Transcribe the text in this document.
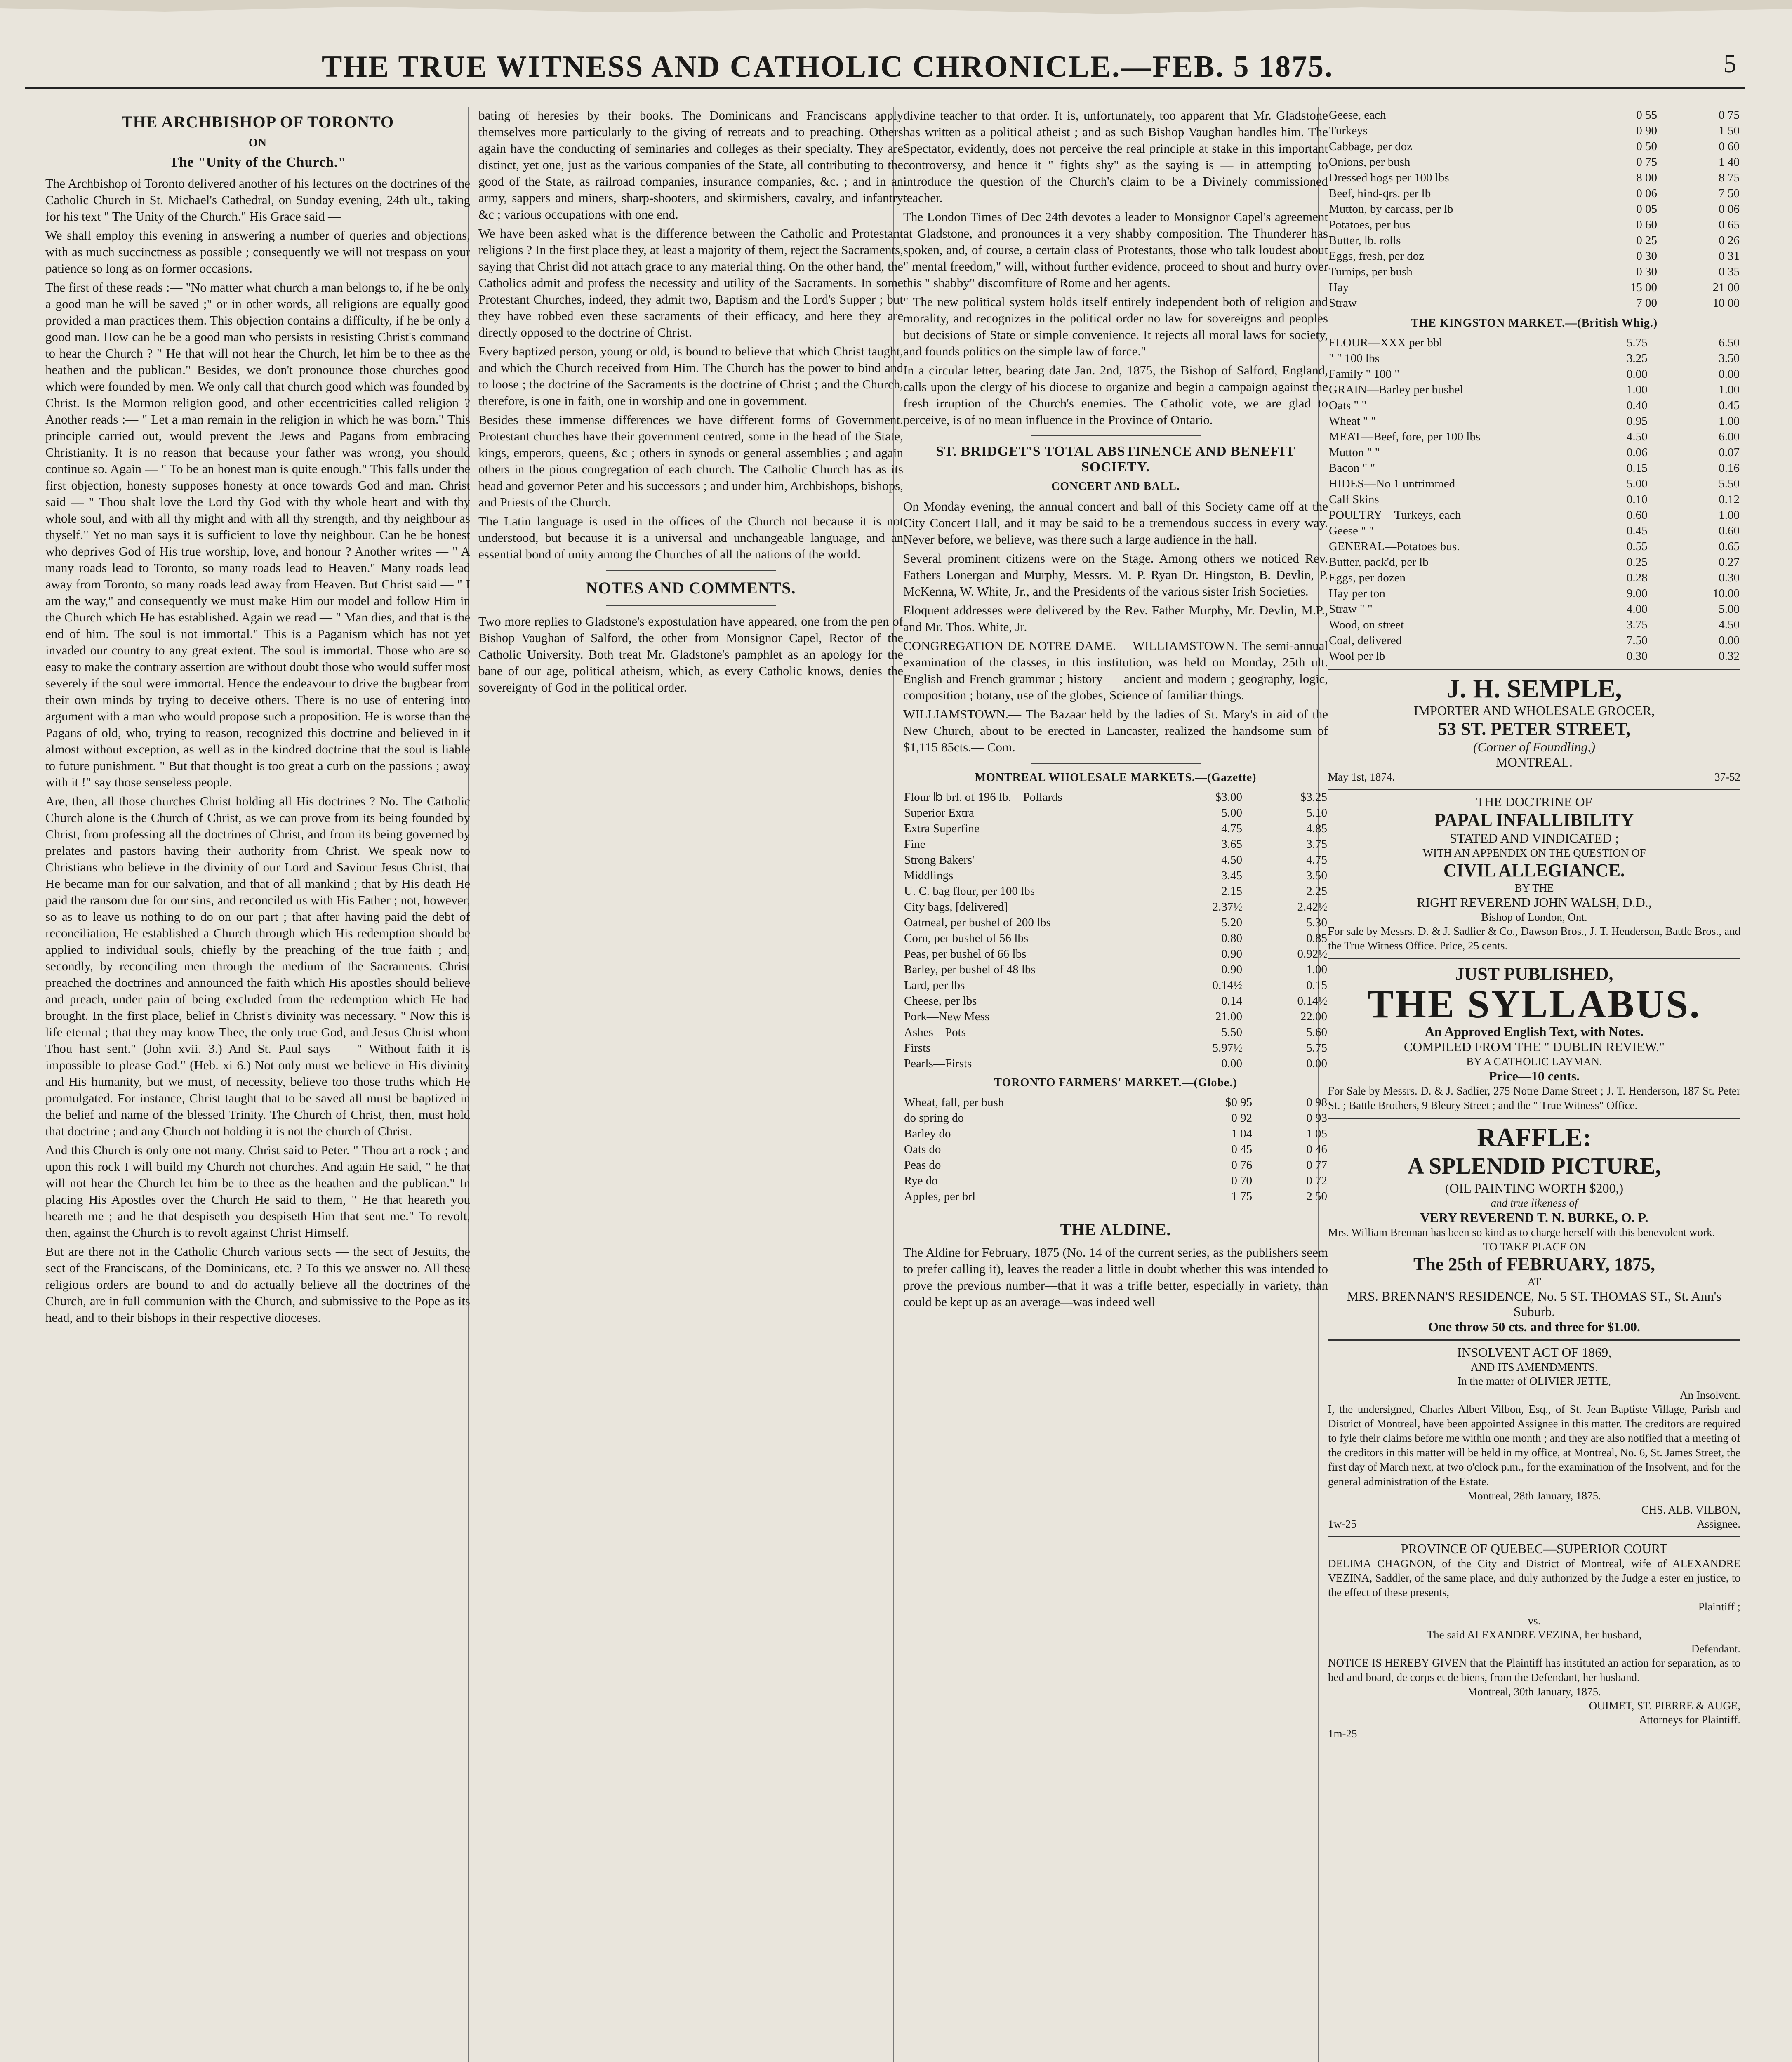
THE TRUE WITNESS AND CATHOLIC CHRONICLE.—FEB. 5 1875.	5
THE ARCHBISHOP OF TORONTO
ON
The "Unity of the Church."

The Archbishop of Toronto delivered another of his lectures on the doctrines of the Catholic Church in St. Michael's Cathedral, on Sunday evening, 24th ult., taking for his text " The Unity of the Church." His Grace said —

We shall employ this evening in answering a number of queries and objections, with as much succinctness as possible ; consequently we will not trespass on your patience so long as on former occasions.

The first of these reads :— "No matter what church a man belongs to, if he be only a good man he will be saved ;" or in other words, all religions are equally good provided a man practices them. This objection contains a difficulty, if he be only a good man. How can he be a good man who persists in resisting Christ's command to hear the Church ? " He that will not hear the Church, let him be to thee as the heathen and the publican." Besides, we don't pronounce those churches good which were founded by men. We only call that church good which was founded by Christ. Is the Mormon religion good, and other eccentricities called religion ? Another reads :— " Let a man remain in the religion in which he was born." This principle carried out, would prevent the Jews and Pagans from embracing Christianity. It is no reason that because your father was wrong, you should continue so. Again — " To be an honest man is quite enough." This falls under the first objection, honesty supposes honesty at once towards God and man. Christ said — " Thou shalt love the Lord thy God with thy whole heart and with thy whole soul, and with all thy might and with all thy strength, and thy neighbour as thyself." Yet no man says it is sufficient to love thy neighbour. Can he be honest who deprives God of His true worship, love, and honour ? Another writes — " A many roads lead to Toronto, so many roads lead to Heaven." Many roads lead away from Toronto, so many roads lead away from Heaven. But Christ said — " I am the way," and consequently we must make Him our model and follow Him in the Church which He has established. Again we read — " Man dies, and that is the end of him. The soul is not immortal." This is a Paganism which has not yet invaded our country to any great extent. The soul is immortal. Those who are so easy to make the contrary assertion are without doubt those who would suffer most severely if the soul were immortal. Hence the endeavour to drive the bugbear from their own minds by trying to deceive others. There is no use of entering into argument with a man who would propose such a proposition. He is worse than the Pagans of old, who, trying to reason, recognized this doctrine and believed in it almost without exception, as well as in the kindred doctrine that the soul is liable to future punishment. " But that thought is too great a curb on the passions ; away with it !" say those senseless people.

Are, then, all those churches Christ holding all His doctrines ? No. The Catholic Church alone is the Church of Christ, as we can prove from its being founded by Christ, from professing all the doctrines of Christ, and from its being governed by prelates and pastors having their authority from Christ. We speak now to Christians who believe in the divinity of our Lord and Saviour Jesus Christ, that He became man for our salvation, and that of all mankind ; that by His death He paid the ransom due for our sins, and reconciled us with His Father ; not, however, so as to leave us nothing to do on our part ; that after having paid the debt of reconciliation, He established a Church through which His redemption should be applied to individual souls, chiefly by the preaching of the true faith ; and, secondly, by reconciling men through the medium of the Sacraments. Christ preached the doctrines and announced the faith which His apostles should believe and preach, under pain of being excluded from the redemption which He had brought. In the first place, belief in Christ's divinity was necessary. " Now this is life eternal ; that they may know Thee, the only true God, and Jesus Christ whom Thou hast sent." (John xvii. 3.) And St. Paul says — " Without faith it is impossible to please God." (Heb. xi 6.) Not only must we believe in His divinity and His humanity, but we must, of necessity, believe too those truths which He promulgated. For instance, Christ taught that to be saved all must be baptized in the belief and name of the blessed Trinity. The Church of Christ, then, must hold that doctrine ; and any Church not holding it is not the church of Christ.

And this Church is only one not many. Christ said to Peter. " Thou art a rock ; and upon this rock I will build my Church not churches. And again He said, " he that will not hear the Church let him be to thee as the heathen and the publican." In placing His Apostles over the Church He said to them, " He that heareth you heareth me ; and he that despiseth you despiseth Him that sent me." To revolt, then, against the Church is to revolt against Christ Himself.

But are there not in the Catholic Church various sects — the sect of Jesuits, the sect of the Franciscans, of the Dominicans, etc. ? To this we answer no. All these religious orders are bound to and do actually believe all the doctrines of the Church, are in full communion with the Church, and submissive to the Pope as its head, and to their bishops in their respective dioceses.

bating of heresies by their books. The Dominicans and Franciscans apply themselves more particularly to the giving of retreats and to preaching. Others again have the conducting of seminaries and colleges as their specialty. They are distinct, yet one, just as the various companies of the State, all contributing to the good of the State, as railroad companies, insurance companies, &c. ; and in an army, sappers and miners, sharp-shooters, and skirmishers, cavalry, and infantry &c ; various occupations with one end.

We have been asked what is the difference between the Catholic and Protestant religions ? In the first place they, at least a majority of them, reject the Sacraments, saying that Christ did not attach grace to any material thing. On the other hand, the Catholics admit and profess the necessity and utility of the Sacraments. In some Protestant Churches, indeed, they admit two, Baptism and the Lord's Supper ; but they have robbed even these sacraments of their efficacy, and here they are directly opposed to the doctrine of Christ.

Every baptized person, young or old, is bound to believe that which Christ taught, and which the Church received from Him. The Church has the power to bind and to loose ; the doctrine of the Sacraments is the doctrine of Christ ; and the Church, therefore, is one in faith, one in worship and one in government.

Besides these immense differences we have different forms of Government. Protestant churches have their government centred, some in the head of the State, kings, emperors, queens, &c ; others in synods or general assemblies ; and again others in the pious congregation of each church. The Catholic Church has as its head and governor Peter and his successors ; and under him, Archbishops, bishops, and Priests of the Church.

The Latin language is used in the offices of the Church not because it is not understood, but because it is a universal and unchangeable language, and an essential bond of unity among the Churches of all the nations of the world.

NOTES AND COMMENTS.

Two more replies to Gladstone's expostulation have appeared, one from the pen of Bishop Vaughan of Salford, the other from Monsignor Capel, Rector of the Catholic University. Both treat Mr. Gladstone's pamphlet as an apology for the bane of our age, political atheism, which, as every Catholic knows, denies the sovereignty of God in the political order.

divine teacher to that order. It is, unfortunately, too apparent that Mr. Gladstone has written as a political atheist ; and as such Bishop Vaughan handles him. The Spectator, evidently, does not perceive the real principle at stake in this important controversy, and hence it " fights shy" as the saying is — in attempting to introduce the question of the Church's claim to be a Divinely commissioned teacher.

The London Times of Dec 24th devotes a leader to Monsignor Capel's agreement at Gladstone, and pronounces it a very shabby composition. The Thunderer has spoken, and, of course, a certain class of Protestants, those who talk loudest about " mental freedom," will, without further evidence, proceed to shout and hurry over this " shabby" discomfiture of Rome and her agents.

" The new political system holds itself entirely independent both of religion and morality, and recognizes in the political order no law for sovereigns and peoples but decisions of State or simple convenience. It rejects all moral laws for society, and founds politics on the simple law of force."

In a circular letter, bearing date Jan. 2nd, 1875, the Bishop of Salford, England, calls upon the clergy of his diocese to organize and begin a campaign against the fresh irruption of the Church's enemies. The Catholic vote, we are glad to perceive, is of no mean influence in the Province of Ontario.

ST. BRIDGET'S TOTAL ABSTINENCE AND BENEFIT SOCIETY.
CONCERT AND BALL.

On Monday evening, the annual concert and ball of this Society came off at the City Concert Hall, and it may be said to be a tremendous success in every way. Never before, we believe, was there such a large audience in the hall.

Several prominent citizens were on the Stage. Among others we noticed Rev. Fathers Lonergan and Murphy, Messrs. M. P. Ryan Dr. Hingston, B. Devlin, P. McKenna, W. White, Jr., and the Presidents of the various sister Irish Societies.

Eloquent addresses were delivered by the Rev. Father Murphy, Mr. Devlin, M.P., and Mr. Thos. White, Jr.

CONGREGATION DE NOTRE DAME.— WILLIAMSTOWN. The semi-annual examination of the classes, in this institution, was held on Monday, 25th ult. English and French grammar ; history — ancient and modern ; geography, logic, composition ; botany, use of the globes, Science of familiar things.

WILLIAMSTOWN.— The Bazaar held by the ladies of St. Mary's in aid of the New Church, about to be erected in Lancaster, realized the handsome sum of $1,115 85cts.— Com.

MONTREAL WHOLESALE MARKETS.—(Gazette)
Flour ℔ brl. of 196 lb.—Pollards	$3.00	$3.25
Superior Extra	5.00	5.10
Extra Superfine	4.75	4.85
Fine	3.65	3.75
Strong Bakers'	4.50	4.75
Middlings	3.45	3.50
U. C. bag flour, per 100 lbs	2.15	2.25
City bags, [delivered]	2.37½	2.42½
Oatmeal, per bushel of 200 lbs	5.20	5.30
Corn, per bushel of 56 lbs	0.80	0.85
Peas, per bushel of 66 lbs	0.90	0.92½
Barley, per bushel of 48 lbs	0.90	1.00
Lard, per lbs	0.14½	0.15
Cheese, per lbs	0.14	0.14½
Pork—New Mess	21.00	22.00
Ashes—Pots	5.50	5.60
Firsts	5.97½	5.75
Pearls—Firsts	0.00	0.00
TORONTO FARMERS' MARKET.—(Globe.)
Wheat, fall, per bush	$0 95	0 98
do spring do	0 92	0 93
Barley do	1 04	1 05
Oats do	0 45	0 46
Peas do	0 76	0 77
Rye do	0 70	0 72
Apples, per brl	1 75	2 50
THE ALDINE.

The Aldine for February, 1875 (No. 14 of the current series, as the publishers seem to prefer calling it), leaves the reader a little in doubt whether this was intended to prove the previous number—that it was a trifle better, especially in variety, than could be kept up as an average—was indeed well

Geese, each	0 55	0 75
Turkeys	0 90	1 50
Cabbage, per doz	0 50	0 60
Onions, per bush	0 75	1 40
Dressed hogs per 100 lbs	8 00	8 75
Beef, hind-qrs. per lb	0 06	7 50
Mutton, by carcass, per lb	0 05	0 06
Potatoes, per bus	0 60	0 65
Butter, lb. rolls	0 25	0 26
Eggs, fresh, per doz	0 30	0 31
Turnips, per bush	0 30	0 35
Hay	15 00	21 00
Straw	7 00	10 00
THE KINGSTON MARKET.—(British Whig.)
FLOUR—XXX per bbl	5.75	6.50
" " 100 lbs	3.25	3.50
Family " 100 "	0.00	0.00
GRAIN—Barley per bushel	1.00	1.00
Oats " "	0.40	0.45
Wheat " "	0.95	1.00
MEAT—Beef, fore, per 100 lbs	4.50	6.00
Mutton " "	0.06	0.07
Bacon " "	0.15	0.16
HIDES—No 1 untrimmed	5.00	5.50
Calf Skins	0.10	0.12
POULTRY—Turkeys, each	0.60	1.00
Geese " "	0.45	0.60
GENERAL—Potatoes bus.	0.55	0.65
Butter, pack'd, per lb	0.25	0.27
Eggs, per dozen	0.28	0.30
Hay per ton	9.00	10.00
Straw " "	4.00	5.00
Wood, on street	3.75	4.50
Coal, delivered	7.50	0.00
Wool per lb	0.30	0.32
J. H. SEMPLE,
IMPORTER AND WHOLESALE GROCER,
53 ST. PETER STREET,
(Corner of Foundling,)
MONTREAL.
May 1st, 1874.	37-52
THE DOCTRINE OF
PAPAL INFALLIBILITY
STATED AND VINDICATED ;
WITH AN APPENDIX ON THE QUESTION OF
CIVIL ALLEGIANCE.
BY THE
RIGHT REVEREND JOHN WALSH, D.D.,
Bishop of London, Ont.
For sale by Messrs. D. & J. Sadlier & Co., Dawson Bros., J. T. Henderson, Battle Bros., and the True Witness Office. Price, 25 cents.
JUST PUBLISHED,
THE SYLLABUS.
An Approved English Text, with Notes.
COMPILED FROM THE " DUBLIN REVIEW."
BY A CATHOLIC LAYMAN.
Price—10 cents.
For Sale by Messrs. D. & J. Sadlier, 275 Notre Dame Street ; J. T. Henderson, 187 St. Peter St. ; Battle Brothers, 9 Bleury Street ; and the " True Witness" Office.
RAFFLE:
A SPLENDID PICTURE,
(OIL PAINTING WORTH $200,)
and true likeness of
VERY REVEREND T. N. BURKE, O. P.
Mrs. William Brennan has been so kind as to charge herself with this benevolent work.
TO TAKE PLACE ON
The 25th of FEBRUARY, 1875,
AT
MRS. BRENNAN'S RESIDENCE, No. 5 ST. THOMAS ST., St. Ann's Suburb.
One throw 50 cts. and three for $1.00.
INSOLVENT ACT OF 1869,
AND ITS AMENDMENTS.
In the matter of OLIVIER JETTE,
An Insolvent.
I, the undersigned, Charles Albert Vilbon, Esq., of St. Jean Baptiste Village, Parish and District of Montreal, have been appointed Assignee in this matter. The creditors are required to fyle their claims before me within one month ; and they are also notified that a meeting of the creditors in this matter will be held in my office, at Montreal, No. 6, St. James Street, the first day of March next, at two o'clock p.m., for the examination of the Insolvent, and for the general administration of the Estate.
Montreal, 28th January, 1875.
CHS. ALB. VILBON,
1w-25	Assignee.
PROVINCE OF QUEBEC—SUPERIOR COURT
DELIMA CHAGNON, of the City and District of Montreal, wife of ALEXANDRE VEZINA, Saddler, of the same place, and duly authorized by the Judge a ester en justice, to the effect of these presents,
Plaintiff ;
vs.
The said ALEXANDRE VEZINA, her husband,
Defendant.
NOTICE IS HEREBY GIVEN that the Plaintiff has instituted an action for separation, as to bed and board, de corps et de biens, from the Defendant, her husband.
Montreal, 30th January, 1875.
OUIMET, ST. PIERRE & AUGE,
Attorneys for Plaintiff.
1m-25
